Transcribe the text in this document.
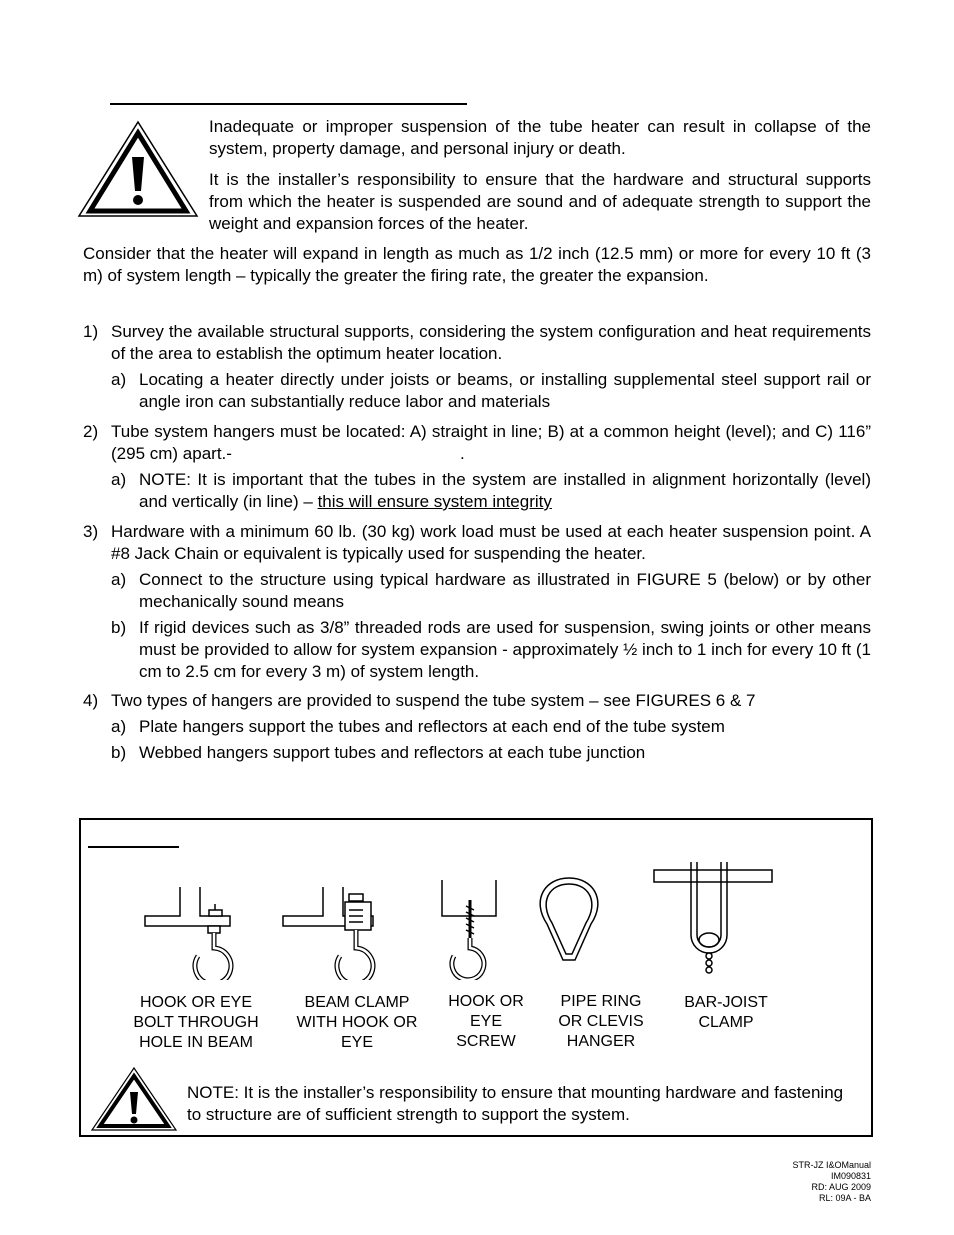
Inadequate or improper suspension of the tube heater can result in collapse of the system, property damage, and personal injury or death.
It is the installer’s responsibility to ensure that the hardware and structural supports from which the heater is suspended are sound and of adequate strength to support the weight and expansion forces of the heater.
Consider that the heater will expand in length as much as 1/2 inch (12.5 mm) or more for every 10 ft (3 m) of system length – typically the greater the firing rate, the greater the expansion.
1) Survey the available structural supports, considering the system configuration and heat requirements of the area to establish the optimum heater location.
a) Locating a heater directly under joists or beams, or installing supplemental steel support rail or angle iron can substantially reduce labor and materials
2) Tube system hangers must be located: A) straight in line; B) at a common height (level); and C) 116” (295 cm) apart.-	.
a) NOTE: It is important that the tubes in the system are installed in alignment horizontally (level) and vertically (in line) – this will ensure system integrity
3) Hardware with a minimum 60 lb. (30 kg) work load must be used at each heater suspension point. A #8 Jack Chain or equivalent is typically used for suspending the heater.
a) Connect to the structure using typical hardware as illustrated in FIGURE 5 (below) or by other mechanically sound means
b) If rigid devices such as 3/8” threaded rods are used for suspension, swing joints or other means must be provided to allow for system expansion - approximately ½ inch to 1 inch for every 10 ft (1 cm to 2.5 cm for every 3 m) of system length.
4) Two types of hangers are provided to suspend the tube system – see FIGURES 6 & 7
a) Plate hangers support the tubes and reflectors at each end of the tube system
b) Webbed hangers support tubes and reflectors at each tube junction
HOOK OR EYE
BOLT THROUGH
HOLE IN BEAM
BEAM CLAMP
WITH HOOK OR
EYE
HOOK OR
EYE
SCREW
PIPE RING
OR CLEVIS
HANGER
BAR-JOIST
CLAMP
NOTE: It is the installer’s responsibility to ensure that mounting hardware and fastening to structure are of sufficient strength to support the system.
STR-JZ I&OManual
IM090831
RD: AUG 2009
RL: 09A - BA
